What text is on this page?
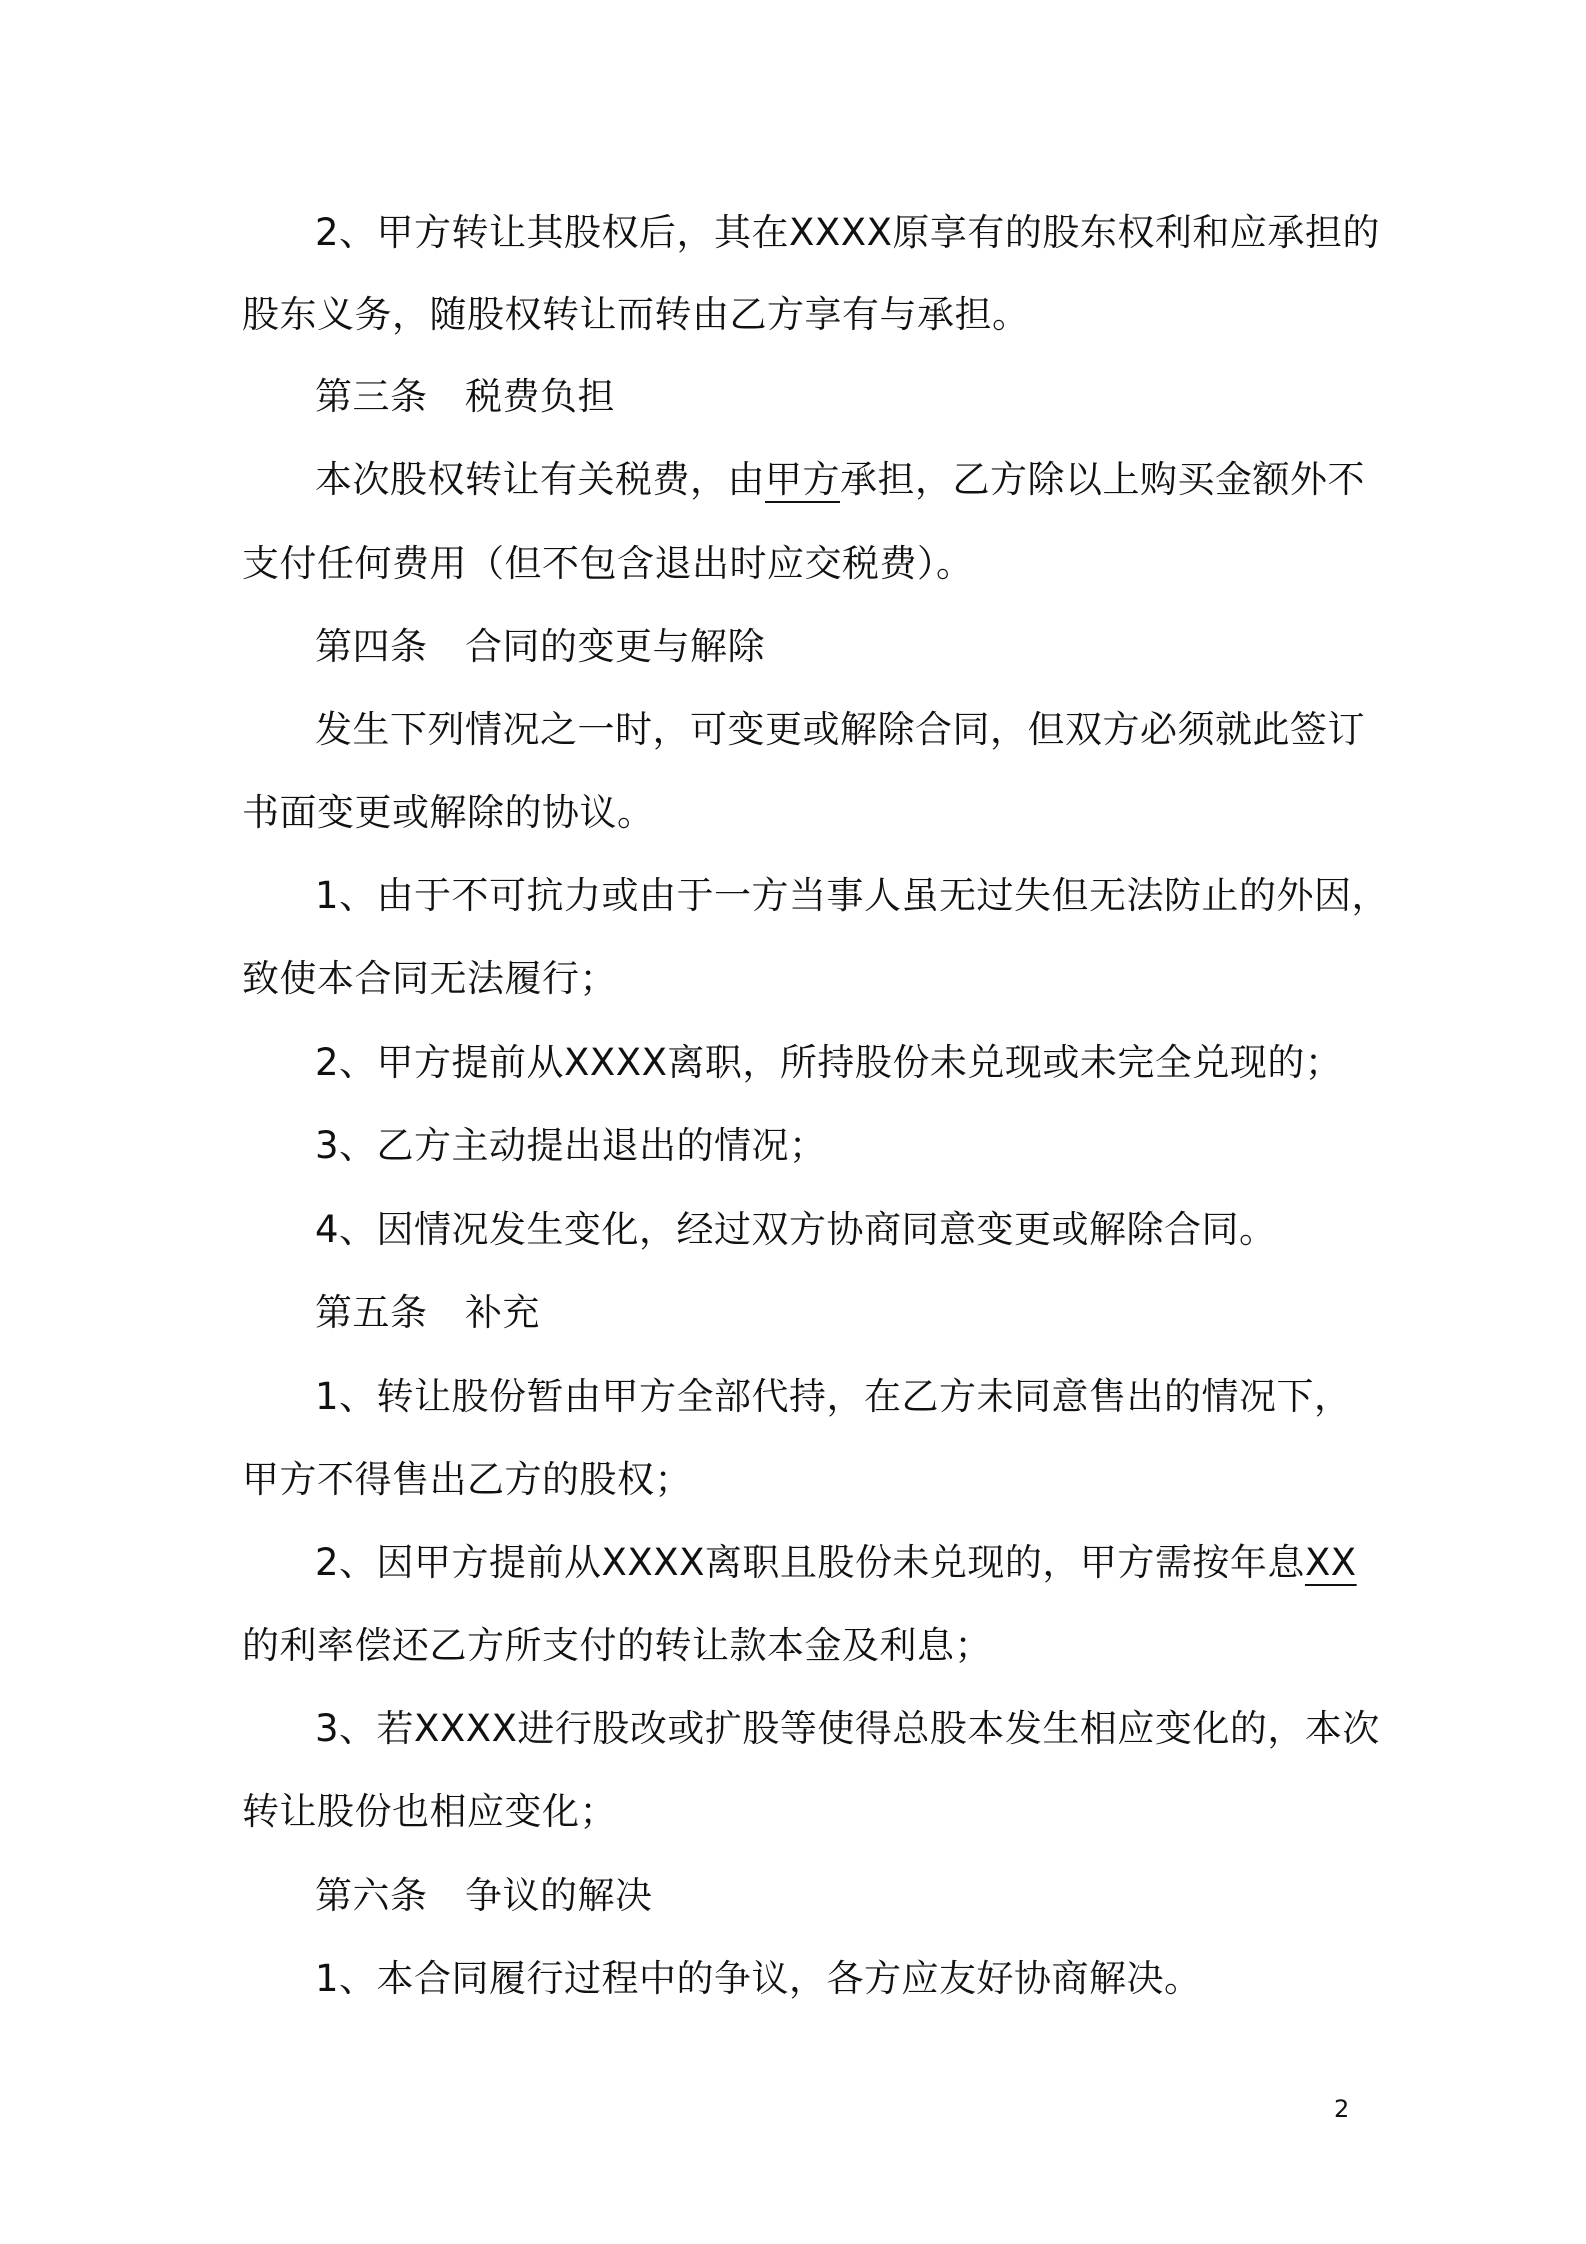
2、甲方转让其股权后，其在XXXX原享有的股东权利和应承担的
股东义务，随股权转让而转由乙方享有与承担。
第三条　税费负担
本次股权转让有关税费，由甲方承担，乙方除以上购买金额外不
支付任何费用（但不包含退出时应交税费）。
第四条　合同的变更与解除
发生下列情况之一时，可变更或解除合同，但双方必须就此签订
书面变更或解除的协议。
1、由于不可抗力或由于一方当事人虽无过失但无法防止的外因，
致使本合同无法履行；
2、甲方提前从XXXX离职，所持股份未兑现或未完全兑现的；
3、乙方主动提出退出的情况；
4、因情况发生变化，经过双方协商同意变更或解除合同。
第五条　补充
1、转让股份暂由甲方全部代持，在乙方未同意售出的情况下，
甲方不得售出乙方的股权；
2、因甲方提前从XXXX离职且股份未兑现的，甲方需按年息XX
的利率偿还乙方所支付的转让款本金及利息；
3、若XXXX进行股改或扩股等使得总股本发生相应变化的，本次
转让股份也相应变化；
第六条　争议的解决
1、本合同履行过程中的争议，各方应友好协商解决。
2
